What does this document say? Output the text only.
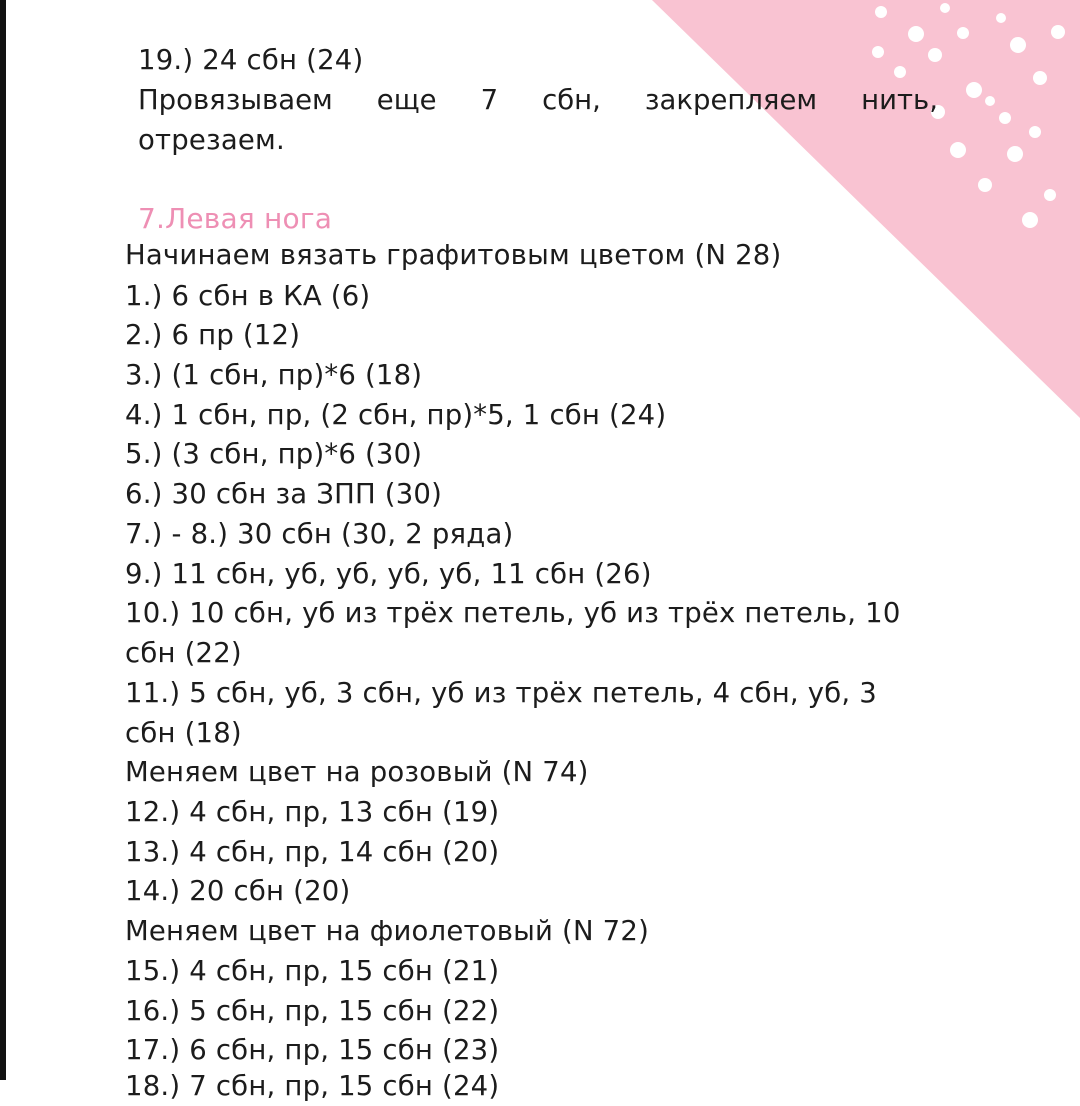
19.) 24 сбн (24)

Провязываем еще 7 сбн, закрепляем нить,

отрезаем.

7.Левая нога

Начинаем вязать графитовым цветом (N 28)

1.) 6 сбн в КА (6)

2.) 6 пр (12)

3.) (1 сбн, пр)*6 (18)

4.) 1 сбн, пр, (2 сбн, пр)*5, 1 сбн (24)

5.) (3 сбн, пр)*6 (30)

6.) 30 сбн за ЗПП (30)

7.) - 8.) 30 сбн (30, 2 ряда)

9.) 11 сбн, уб, уб, уб, уб, 11 сбн (26)

10.) 10 сбн, уб из трёх петель, уб из трёх петель, 10

сбн (22)

11.) 5 сбн, уб, 3 сбн, уб из трёх петель, 4 сбн, уб, 3

сбн (18)

Меняем цвет на розовый (N 74)

12.) 4 сбн, пр, 13 сбн (19)

13.) 4 сбн, пр, 14 сбн (20)

14.) 20 сбн (20)

Меняем цвет на фиолетовый (N 72)

15.) 4 сбн, пр, 15 сбн (21)

16.) 5 сбн, пр, 15 сбн (22)

17.) 6 сбн, пр, 15 сбн (23)

18.) 7 сбн, пр, 15 сбн (24)
